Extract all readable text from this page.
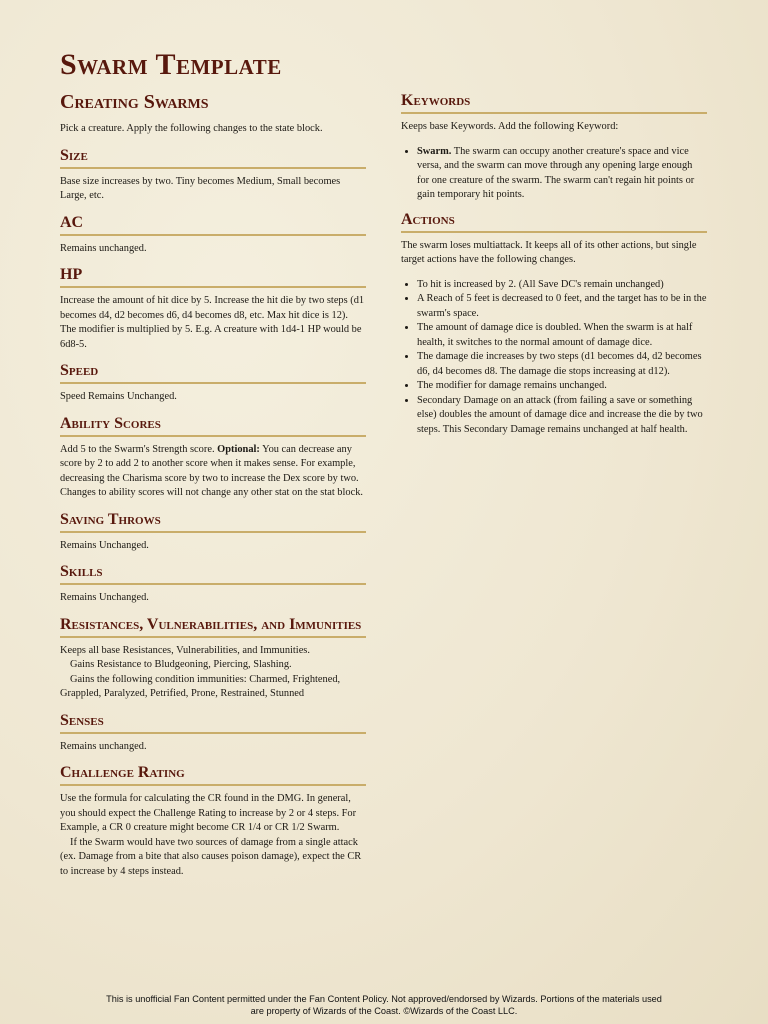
Swarm Template
Creating Swarms

Pick a creature. Apply the following changes to the state block.

Size

Base size increases by two. Tiny becomes Medium, Small becomes Large, etc.

AC

Remains unchanged.

HP

Increase the amount of hit dice by 5. Increase the hit die by two steps (d1 becomes d4, d2 becomes d6, d4 becomes d8, etc. Max hit dice is 12). The modifier is multiplied by 5. E.g. A creature with 1d4-1 HP would be 6d8-5.

Speed

Speed Remains Unchanged.

Ability Scores

Add 5 to the Swarm's Strength score. Optional: You can decrease any score by 2 to add 2 to another score when it makes sense. For example, decreasing the Charisma score by two to increase the Dex score by two. Changes to ability scores will not change any other stat on the stat block.

Saving Throws

Remains Unchanged.

Skills

Remains Unchanged.

Resistances, Vulnerabilities, and Immunities

Keeps all base Resistances, Vulnerabilities, and Immunities.

Gains Resistance to Bludgeoning, Piercing, Slashing.

Gains the following condition immunities: Charmed, Frightened, Grappled, Paralyzed, Petrified, Prone, Restrained, Stunned

Senses

Remains unchanged.

Challenge Rating

Use the formula for calculating the CR found in the DMG. In general, you should expect the Challenge Rating to increase by 2 or 4 steps. For Example, a CR 0 creature might become CR 1/4 or CR 1/2 Swarm.

If the Swarm would have two sources of damage from a single attack (ex. Damage from a bite that also causes poison damage), expect the CR to increase by 4 steps instead.

Keywords

Keeps base Keywords. Add the following Keyword:

• Swarm. The swarm can occupy another creature's space and vice versa, and the swarm can move through any opening large enough for one creature of the swarm. The swarm can't regain hit points or gain temporary hit points.
Actions

The swarm loses multiattack. It keeps all of its other actions, but single target actions have the following changes.

• To hit is increased by 2. (All Save DC's remain unchanged)
• A Reach of 5 feet is decreased to 0 feet, and the target has to be in the swarm's space.
• The amount of damage dice is doubled. When the swarm is at half health, it switches to the normal amount of damage dice.
• The damage die increases by two steps (d1 becomes d4, d2 becomes d6, d4 becomes d8. The damage die stops increasing at d12).
• The modifier for damage remains unchanged.
• Secondary Damage on an attack (from failing a save or something else) doubles the amount of damage dice and increase the die by two steps. This Secondary Damage remains unchanged at half health.
This is unofficial Fan Content permitted under the Fan Content Policy. Not approved/endorsed by Wizards. Portions of the materials used
are property of Wizards of the Coast. ©Wizards of the Coast LLC.
